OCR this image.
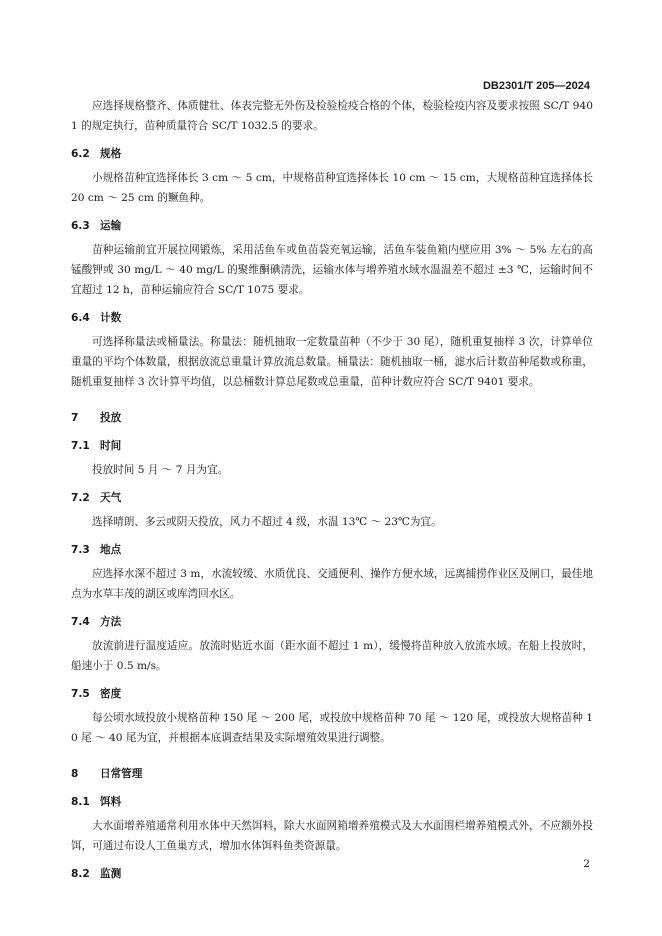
DB2301/T 205—2024

应选择规格整齐、体质健壮、体表完整无外伤及检验检疫合格的个体，检验检疫内容及要求按照 SC/T 9401 的规定执行，苗种质量符合 SC/T 1032.5 的要求。

6.2 规格

小规格苗种宜选择体长 3 cm ～ 5 cm，中规格苗种宜选择体长 10 cm ～ 15 cm，大规格苗种宜选择体长 20 cm ～ 25 cm 的鳜鱼种。

6.3 运输

苗种运输前宜开展拉网锻炼，采用活鱼车或鱼苗袋充氧运输，活鱼车装鱼箱内壁应用 3% ～ 5% 左右的高锰酸钾或 30 mg/L ～ 40 mg/L 的聚维酮碘清洗，运输水体与增养殖水域水温温差不超过 ±3 ℃，运输时间不宜超过 12 h，苗种运输应符合 SC/T 1075 要求。

6.4 计数

可选择称量法或桶量法。称量法：随机抽取一定数量苗种（不少于 30 尾），随机重复抽样 3 次，计算单位重量的平均个体数量，根据放流总重量计算放流总数量。桶量法：随机抽取一桶，滤水后计数苗种尾数或称重，随机重复抽样 3 次计算平均值，以总桶数计算总尾数或总重量，苗种计数应符合 SC/T 9401 要求。

7 投放
7.1 时间

投放时间 5 月 ～ 7 月为宜。

7.2 天气

选择晴朗、多云或阴天投放，风力不超过 4 级，水温 13℃ ～ 23℃为宜。

7.3 地点

应选择水深不超过 3 m，水流较缓、水质优良、交通便利、操作方便水域，远离捕捞作业区及闸口，最佳地点为水草丰茂的湖区或库湾回水区。

7.4 方法

放流前进行温度适应。放流时贴近水面（距水面不超过 1 m），缓慢将苗种放入放流水域。在船上投放时，船速小于 0.5 m/s。

7.5 密度

每公顷水域投放小规格苗种 150 尾 ～ 200 尾，或投放中规格苗种 70 尾 ～ 120 尾，或投放大规格苗种 10 尾 ～ 40 尾为宜，并根据本底调查结果及实际增殖效果进行调整。

8 日常管理
8.1 饵料

大水面增养殖通常利用水体中天然饵料，除大水面网箱增养殖模式及大水面围栏增养殖模式外，不应额外投饵，可通过布设人工鱼巢方式，增加水体饵料鱼类资源量。

8.2 监测
2
